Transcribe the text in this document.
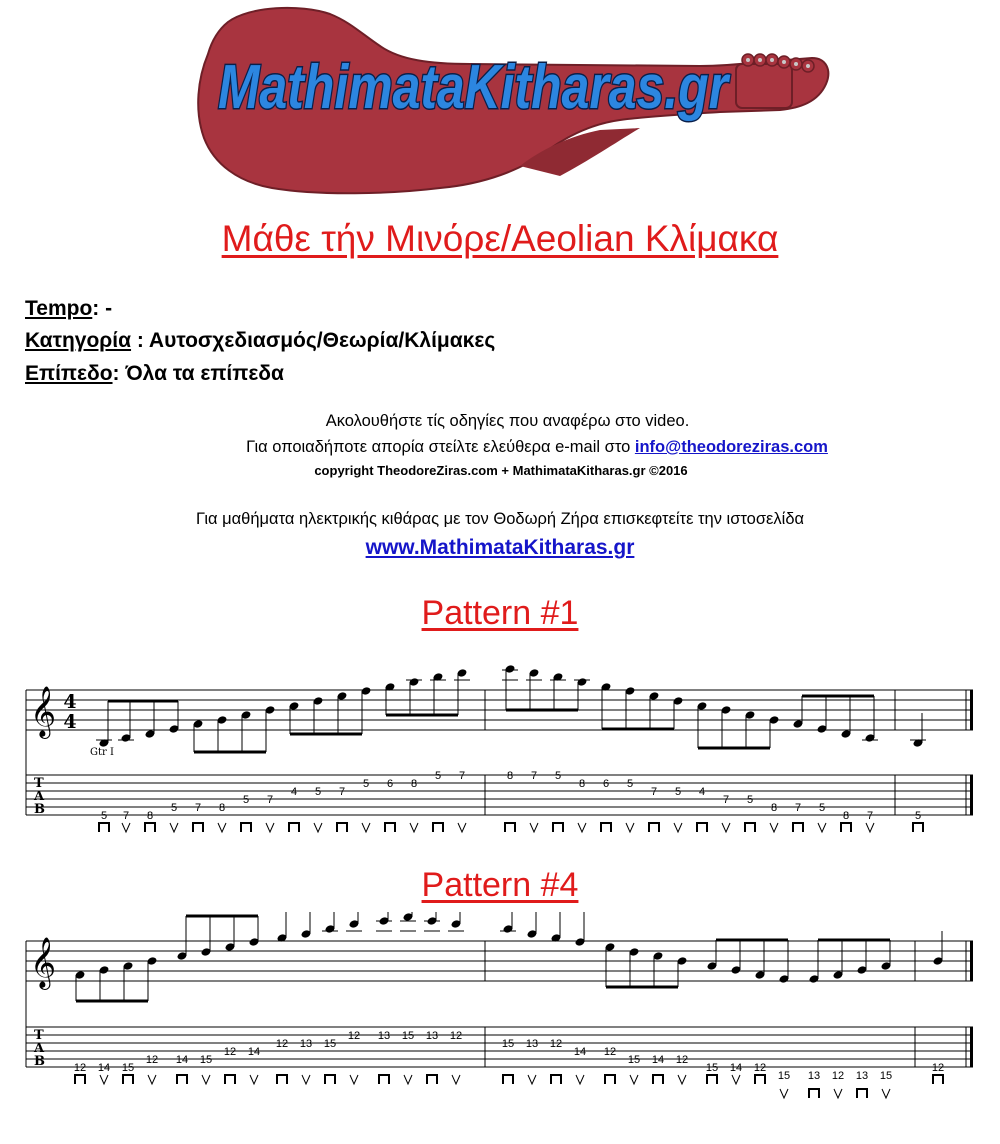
MathimataKitharas.gr
Μάθε τήν Μινόρε/Aeolian Κλίμακα
Tempo: -
Κατηγορία : Αυτοσχεδιασμός/Θεωρία/Κλίμακες
Επίπεδο: Όλα τα επίπεδα
Ακολουθήστε τίς οδηγίες που αναφέρω στο video.
Για οποιαδήποτε απορία στείλτε ελεύθερα e-mail στο info@theodoreziras.com
copyright TheodoreZiras.com + MathimataKitharas.gr ©2016
Για μαθήματα ηλεκτρικής κιθάρας με τον Θοδωρή Ζήρα επισκεφτείτε την ιστοσελίδα
www.MathimataKitharas.gr
Pattern #1
𝄞 4
4
Gtr I
T
A
B	5 7 8
5 7 8
5 7
4 5 7
5 6 8
5 7	8 7 5
8 6 5
7 5 4
7 5
8 7 5
8 7	5
Pattern #4
𝄞
T
A
B	12 14 15
12 14 15
12 14
12 13 15
12 13 15 13 12
15 13 12
14 12
15 14 12
15 14 12
15 13 12 13 15
12
